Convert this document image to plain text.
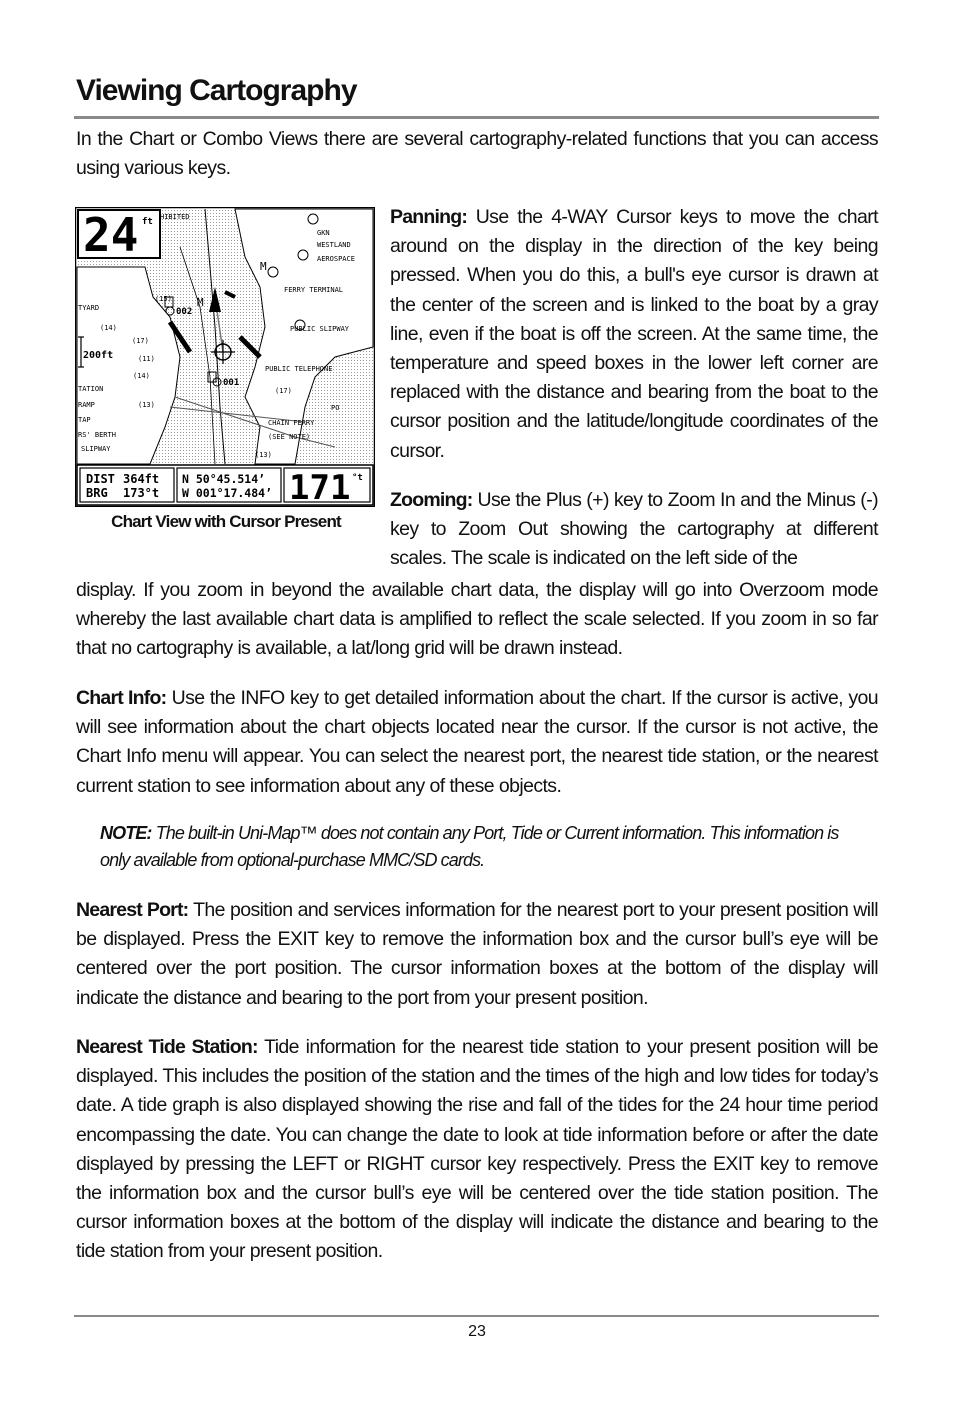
Viewing Cartography

In the Chart or Combo Views there are several cartography-related functions that you can access using various keys.

24 ft
200ft
HIBITED
GKN
WESTLAND
AEROSPACE
FERRY TERMINAL
PUBLIC SLIPWAY
PUBLIC TELEPHONE
CHAIN FERRY
(SEE NOTE)
TYARD
TATION
RAMP
TAP
RS' BERTH
SLIPWAY
002
001
M
M
PO
(15)
(14)
(17)
(11)
(14)
(13)
(17)
(13)
DIST 364ft
BRG 173°t
N 50°45.514’
W 001°17.484’ 171 °t
Chart View with Cursor Present

Panning: Use the 4-WAY Cursor keys to move the chart around on the display in the direction of the key being pressed. When you do this, a bull's eye cursor is drawn at the center of the screen and is linked to the boat by a gray line, even if the boat is off the screen. At the same time, the temperature and speed boxes in the lower left corner are replaced with the distance and bearing from the boat to the cursor position and the latitude/longitude coordinates of the cursor.

Zooming: Use the Plus (+) key to Zoom In and the Minus (-) key to Zoom Out showing the cartography at different scales. The scale is indicated on the left side of the

display. If you zoom in beyond the available chart data, the display will go into Overzoom mode whereby the last available chart data is amplified to reflect the scale selected. If you zoom in so far that no cartography is available, a lat/long grid will be drawn instead.

Chart Info: Use the INFO key to get detailed information about the chart. If the cursor is active, you will see information about the chart objects located near the cursor. If the cursor is not active, the Chart Info menu will appear. You can select the nearest port, the nearest tide station, or the nearest current station to see information about any of these objects.

NOTE: The built-in Uni-Map™ does not contain any Port, Tide or Current information. This information is only available from optional-purchase MMC/SD cards.

Nearest Port: The position and services information for the nearest port to your present position will be displayed. Press the EXIT key to remove the information box and the cursor bull’s eye will be centered over the port position. The cursor information boxes at the bottom of the display will indicate the distance and bearing to the port from your present position.

Nearest Tide Station: Tide information for the nearest tide station to your present position will be displayed. This includes the position of the station and the times of the high and low tides for today’s date. A tide graph is also displayed showing the rise and fall of the tides for the 24 hour time period encompassing the date. You can change the date to look at tide information before or after the date displayed by pressing the LEFT or RIGHT cursor key respectively. Press the EXIT key to remove the information box and the cursor bull’s eye will be centered over the tide station position. The cursor information boxes at the bottom of the display will indicate the distance and bearing to the tide station from your present position.

23
